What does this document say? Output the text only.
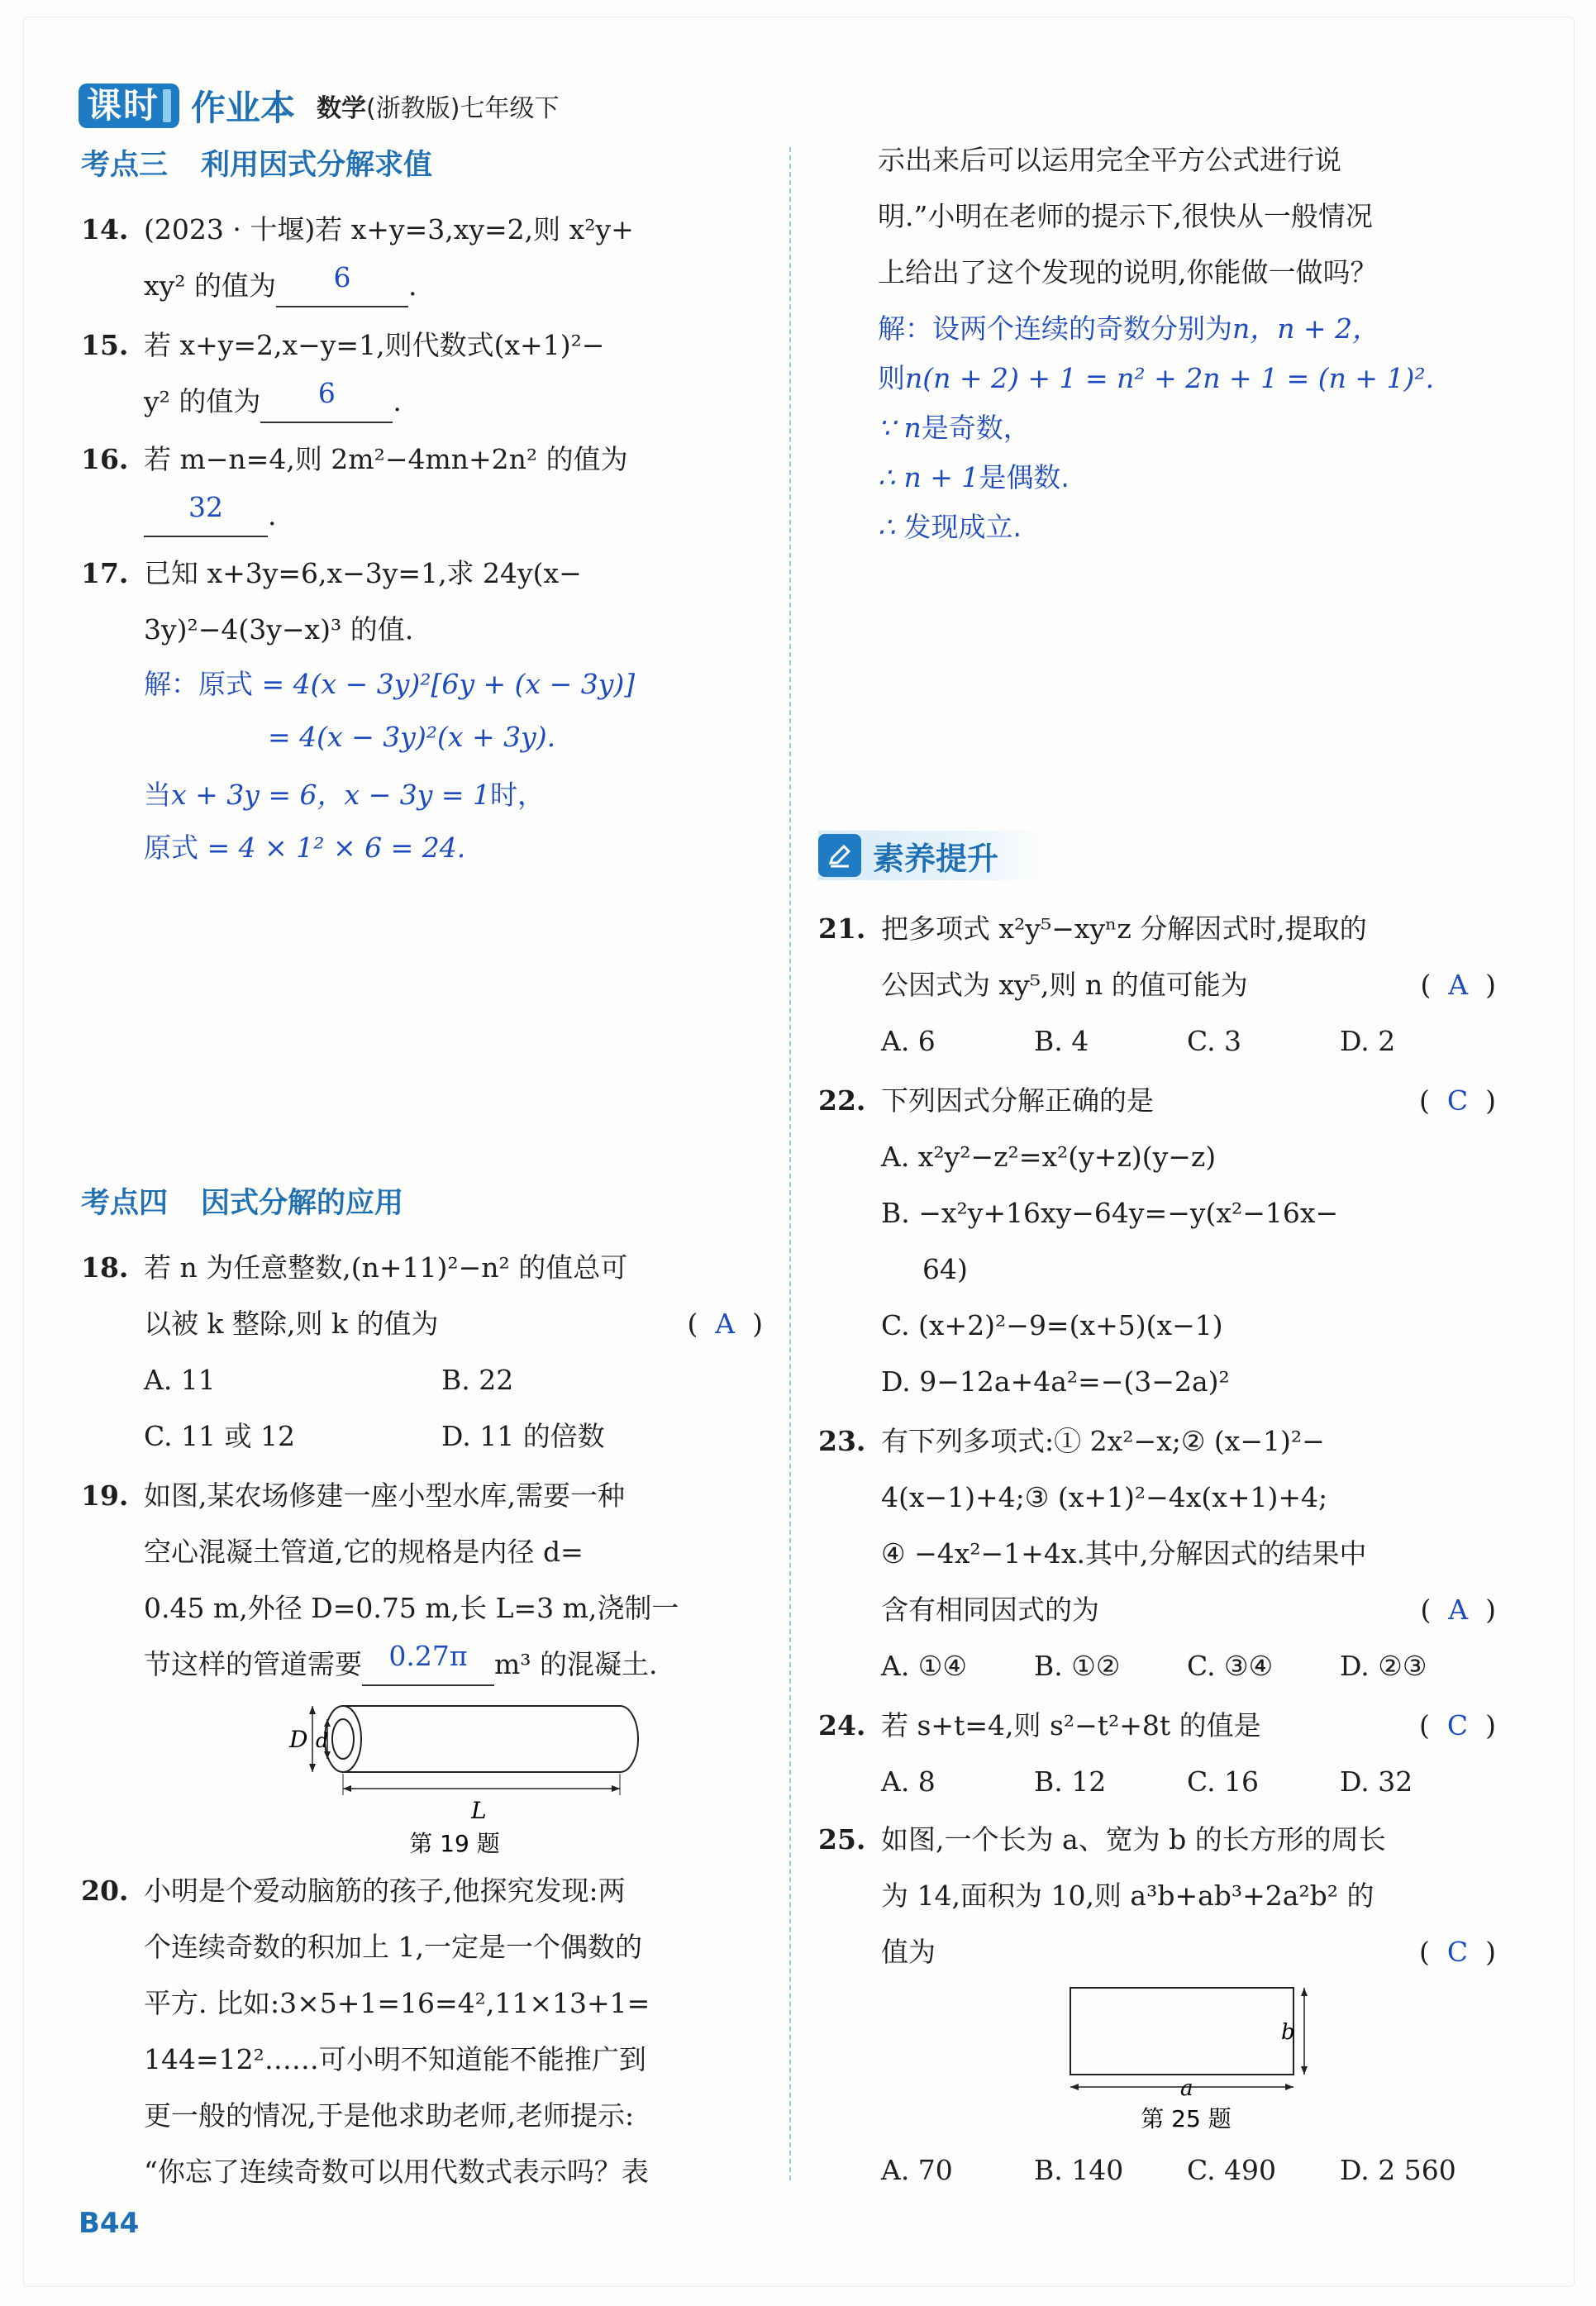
课时 作业本 数学(浙教版)七年级下
考点三 利用因式分解求值
14. (2023 · 十堰)若 x+y=3,xy=2,则 x²y+
xy² 的值为 6 .
15. 若 x+y=2,x−y=1,则代数式(x+1)²−
y² 的值为 6 .
16. 若 m−n=4,则 2m²−4mn+2n² 的值为
32 .
17. 已知 x+3y=6,x−3y=1,求 24y(x−
3y)²−4(3y−x)³ 的值.
解：原式 = 4(x − 3y)²[6y + (x − 3y)]
= 4(x − 3y)²(x + 3y).
当x + 3y = 6，x − 3y = 1时，
原式 = 4 × 1² × 6 = 24.
考点四 因式分解的应用
18. 若 n 为任意整数,(n+11)²−n² 的值总可
以被 k 整除,则 k 的值为	( A )
A. 11	B. 22
C. 11 或 12	D. 11 的倍数
19. 如图,某农场修建一座小型水库,需要一种
空心混凝土管道,它的规格是内径 d=
0.45 m,外径 D=0.75 m,长 L=3 m,浇制一
节这样的管道需要 0.27π m³ 的混凝土.
D d
L
第 19 题
20. 小明是个爱动脑筋的孩子,他探究发现:两
个连续奇数的积加上 1,一定是一个偶数的
平方. 比如:3×5+1=16=4²,11×13+1=
144=12²……可小明不知道能不能推广到
更一般的情况,于是他求助老师,老师提示:
“你忘了连续奇数可以用代数式表示吗？表
示出来后可以运用完全平方公式进行说
明.”小明在老师的提示下,很快从一般情况
上给出了这个发现的说明,你能做一做吗？
解：设两个连续的奇数分别为n，n + 2，
则n(n + 2) + 1 = n² + 2n + 1 = (n + 1)².
∵ n是奇数，
∴ n + 1是偶数.
∴ 发现成立.
素养提升
21. 把多项式 x²y⁵−xyⁿz 分解因式时,提取的
公因式为 xy⁵,则 n 的值可能为	(  A  )
A. 6	B. 4	C. 3	D. 2
22. 下列因式分解正确的是	(  C  )
A. x²y²−z²=x²(y+z)(y−z)
B. −x²y+16xy−64y=−y(x²−16x−
64)
C. (x+2)²−9=(x+5)(x−1)
D. 9−12a+4a²=−(3−2a)²
23. 有下列多项式:① 2x²−x;② (x−1)²−
4(x−1)+4;③ (x+1)²−4x(x+1)+4;
④ −4x²−1+4x.其中,分解因式的结果中
含有相同因式的为	(  A  )
A. ①④	B. ①②	C. ③④	D. ②③
24. 若 s+t=4,则 s²−t²+8t 的值是	(  C  )
A. 8	B. 12	C. 16	D. 32
25. 如图,一个长为 a、宽为 b 的长方形的周长
为 14,面积为 10,则 a³b+ab³+2a²b² 的
值为	(  C  )
a
b
第 25 题
A. 70	B. 140	C. 490	D. 2 560
B44
